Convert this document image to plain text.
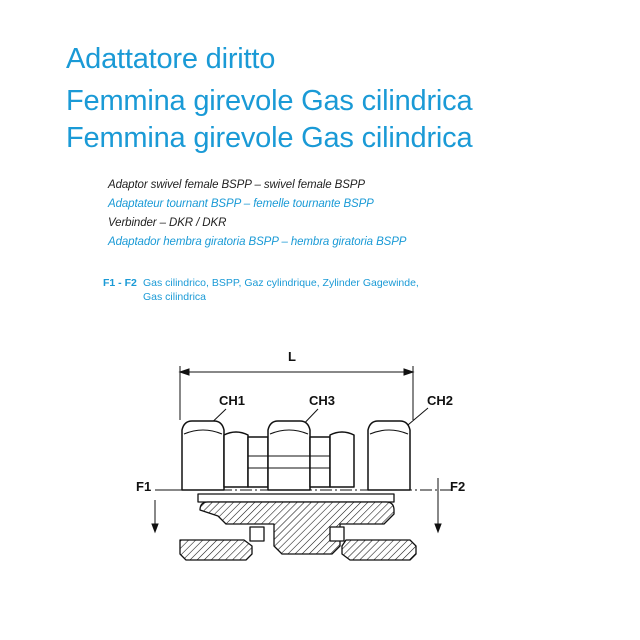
Adattatore diritto
Femmina girevole Gas cilindrica
Femmina girevole Gas cilindrica

Adaptor swivel female BSPP – swivel female BSPP

Adaptateur tournant BSPP – femelle tournante BSPP

Verbinder – DKR / DKR

Adaptador hembra giratoria BSPP – hembra giratoria BSPP

F1 - F2 Gas cilindrico, BSPP, Gaz cylindrique, Zylinder Gagewinde,

Gas cilindrica

L
CH1	CH3	CH2
F1	F2
